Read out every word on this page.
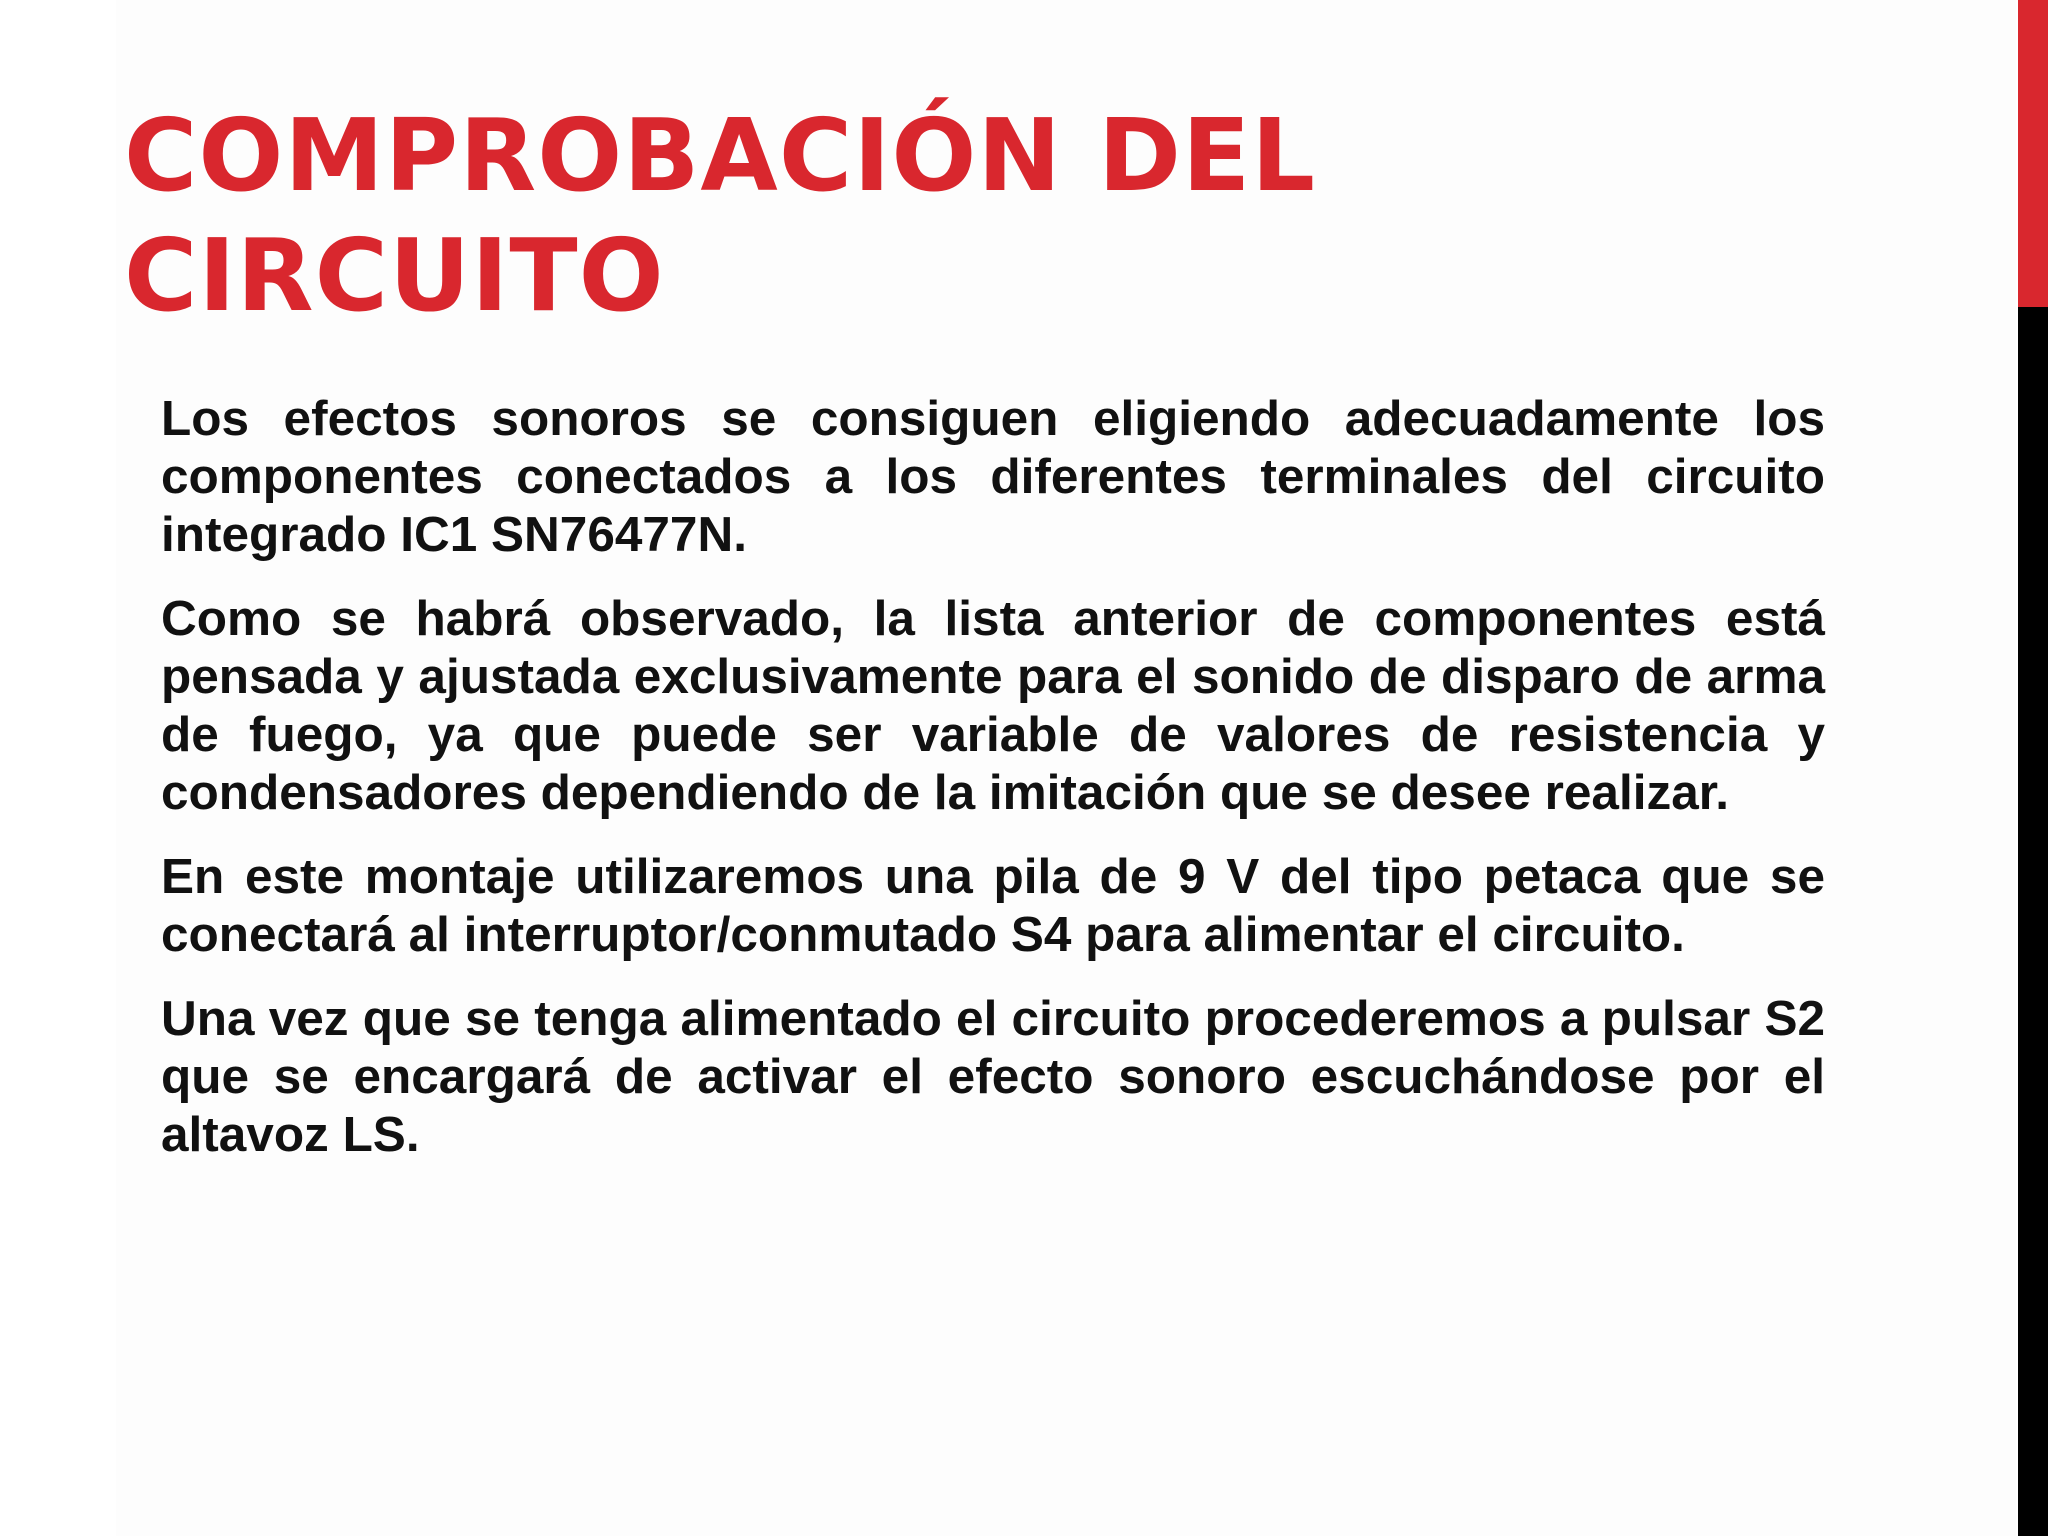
COMPROBACIÓN DEL
CIRCUITO

Los efectos sonoros se consiguen eligiendo adecuadamente los componentes conectados a los diferentes terminales del circuito integrado IC1 SN76477N.

Como se habrá observado, la lista anterior de componentes está pensada y ajustada exclusivamente para el sonido de disparo de arma de fuego, ya que puede ser variable de valores de resistencia y condensadores dependiendo de la imitación que se desee realizar.

En este montaje utilizaremos una pila de 9 V del tipo petaca que se conectará al interruptor/conmutado S4 para alimentar el circuito.

Una vez que se tenga alimentado el circuito procederemos a pulsar S2 que se encargará de activar el efecto sonoro escuchándose por el altavoz LS.
